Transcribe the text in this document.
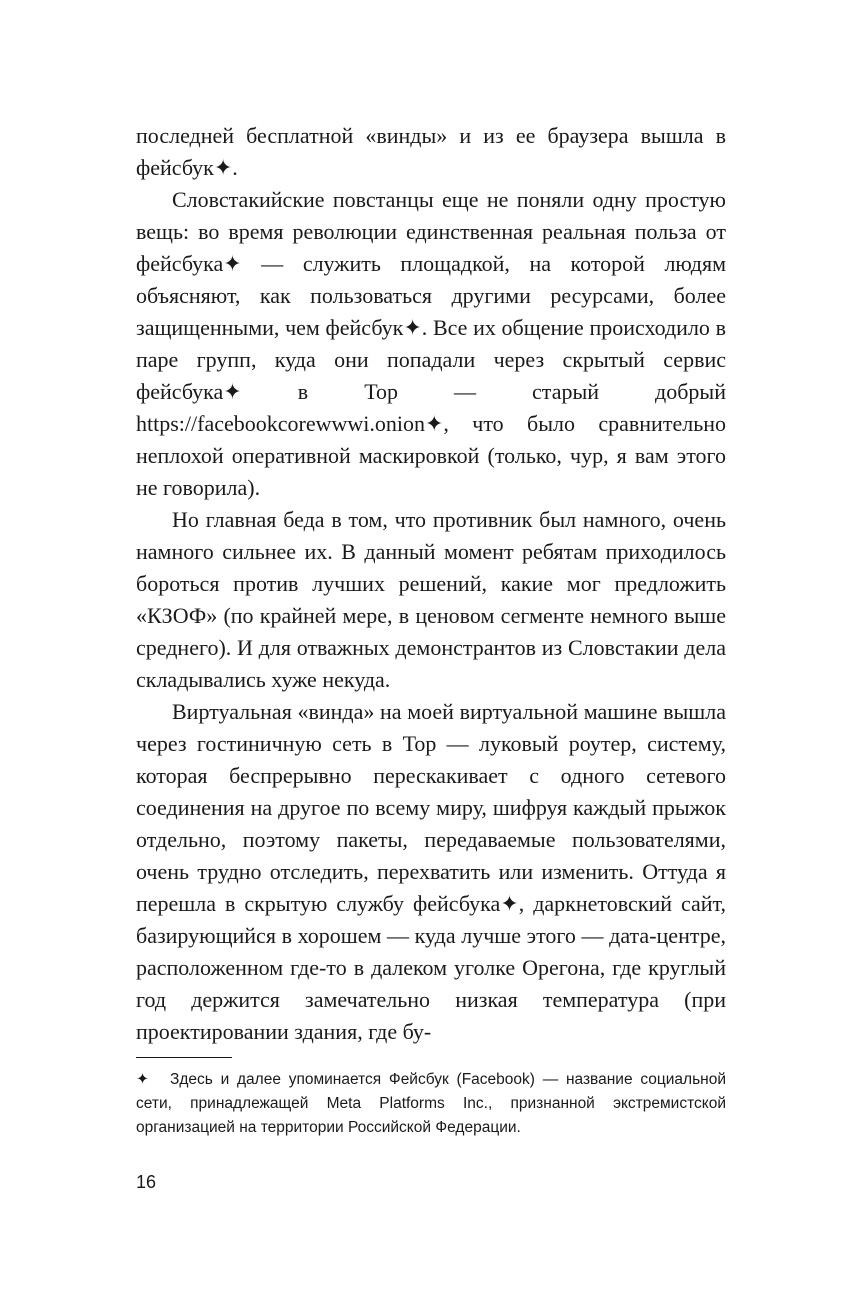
последней бесплатной «винды» и из ее браузера вышла в фейсбук✦.

Словстакийские повстанцы еще не поняли одну простую вещь: во время революции единственная реальная польза от фейсбука✦ — служить площадкой, на которой людям объясняют, как пользоваться другими ресурсами, более защищенными, чем фейсбук✦. Все их общение происходило в паре групп, куда они попадали через скрытый сервис фейсбука✦ в Тор — старый добрый https://facebookcorewwwi.onion✦, что было сравнительно неплохой оперативной маскировкой (только, чур, я вам этого не говорила).

Но главная беда в том, что противник был намного, очень намного сильнее их. В данный момент ребятам приходилось бороться против лучших решений, какие мог предложить «КЗОФ» (по крайней мере, в ценовом сегменте немного выше среднего). И для отважных демонстрантов из Словстакии дела складывались хуже некуда.

Виртуальная «винда» на моей виртуальной машине вышла через гостиничную сеть в Тор — луковый роутер, систему, которая беспрерывно перескакивает с одного сетевого соединения на другое по всему миру, шифруя каждый прыжок отдельно, поэтому пакеты, передаваемые пользователями, очень трудно отследить, перехватить или изменить. Оттуда я перешла в скрытую службу фейсбука✦, даркнетовский сайт, базирующийся в хорошем — куда лучше этого — дата-центре, расположенном где-то в далеком уголке Орегона, где круглый год держится замечательно низкая температура (при проектировании здания, где бу-

✦ Здесь и далее упоминается Фейсбук (Facebook) — название социальной сети, принадлежащей Meta Platforms Inc., признанной экстремистской организацией на территории Российской Федерации.
16
